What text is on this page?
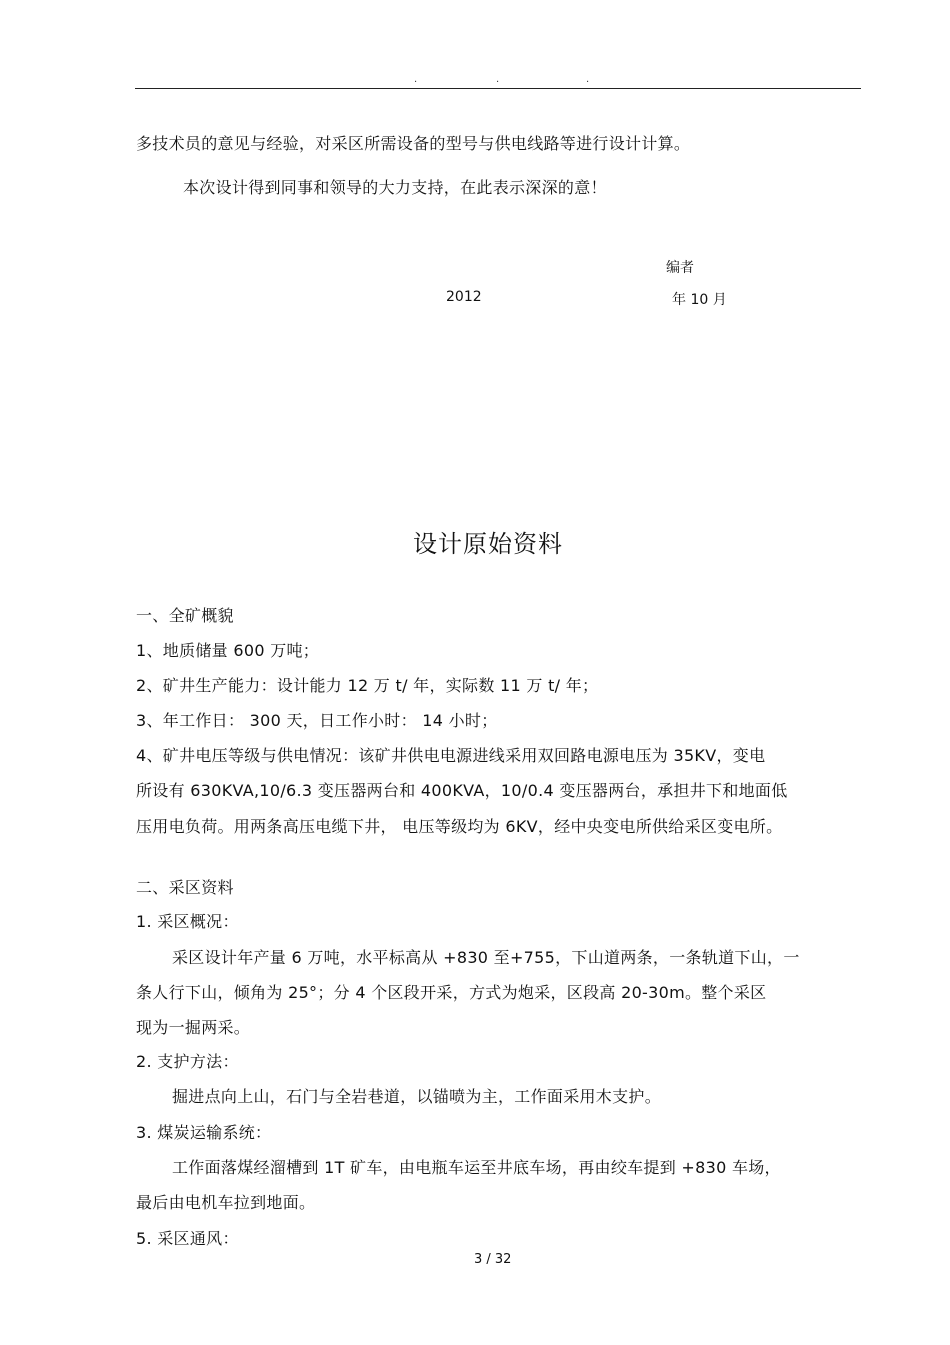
.	.	.
多技术员的意见与经验，对采区所需设备的型号与供电线路等进行设计计算。
本次设计得到同事和领导的大力支持，在此表示深深的意！
编者
2012	年 10 月
设计原始资料
一、全矿概貌
1、地质储量 600 万吨；
2、矿井生产能力：设计能力 12 万 t/ 年，实际数 11 万 t/ 年；
3、年工作日： 300 天，日工作小时： 14 小时；
4、矿井电压等级与供电情况：该矿井供电电源进线采用双回路电源电压为 35KV，变电
所设有 630KVA,10/6.3 变压器两台和 400KVA，10/0.4 变压器两台，承担井下和地面低
压用电负荷。用两条高压电缆下井， 电压等级均为 6KV，经中央变电所供给采区变电所。
二、采区资料
1. 采区概况：
采区设计年产量 6 万吨，水平标高从 +830 至+755，下山道两条，一条轨道下山，一
条人行下山，倾角为 25°；分 4 个区段开采，方式为炮采，区段高 20-30m。整个采区
现为一掘两采。
2. 支护方法：
掘进点向上山，石门与全岩巷道，以锚喷为主，工作面采用木支护。
3. 煤炭运输系统：
工作面落煤经溜槽到 1T 矿车，由电瓶车运至井底车场，再由绞车提到 +830 车场，
最后由电机车拉到地面。
5. 采区通风：
3 / 32
